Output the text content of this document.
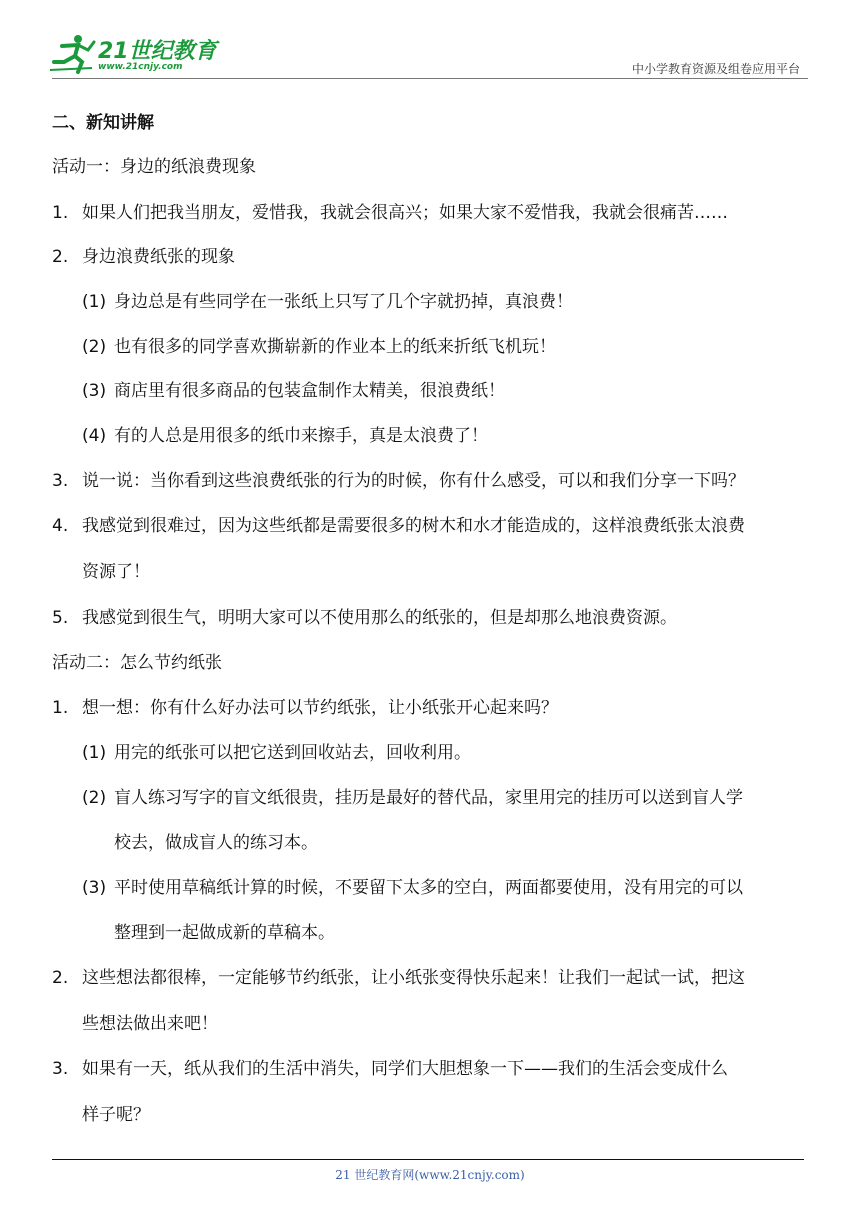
21世纪教育
www.21cnjy.com	中小学教育资源及组卷应用平台
二、新知讲解
活动一：身边的纸浪费现象
1. 如果人们把我当朋友，爱惜我，我就会很高兴；如果大家不爱惜我，我就会很痛苦……
2. 身边浪费纸张的现象
(1) 身边总是有些同学在一张纸上只写了几个字就扔掉，真浪费！
(2) 也有很多的同学喜欢撕崭新的作业本上的纸来折纸飞机玩！
(3) 商店里有很多商品的包装盒制作太精美，很浪费纸！
(4) 有的人总是用很多的纸巾来擦手，真是太浪费了！
3. 说一说：当你看到这些浪费纸张的行为的时候，你有什么感受，可以和我们分享一下吗？
4. 我感觉到很难过，因为这些纸都是需要很多的树木和水才能造成的，这样浪费纸张太浪费
资源了！
5. 我感觉到很生气，明明大家可以不使用那么的纸张的，但是却那么地浪费资源。
活动二：怎么节约纸张
1. 想一想：你有什么好办法可以节约纸张，让小纸张开心起来吗？
(1) 用完的纸张可以把它送到回收站去，回收利用。
(2) 盲人练习写字的盲文纸很贵，挂历是最好的替代品，家里用完的挂历可以送到盲人学
校去，做成盲人的练习本。
(3) 平时使用草稿纸计算的时候，不要留下太多的空白，两面都要使用，没有用完的可以
整理到一起做成新的草稿本。
2. 这些想法都很棒，一定能够节约纸张，让小纸张变得快乐起来！让我们一起试一试，把这
些想法做出来吧！
3. 如果有一天，纸从我们的生活中消失，同学们大胆想象一下——我们的生活会变成什么
样子呢？
21 世纪教育网(www.21cnjy.com)
